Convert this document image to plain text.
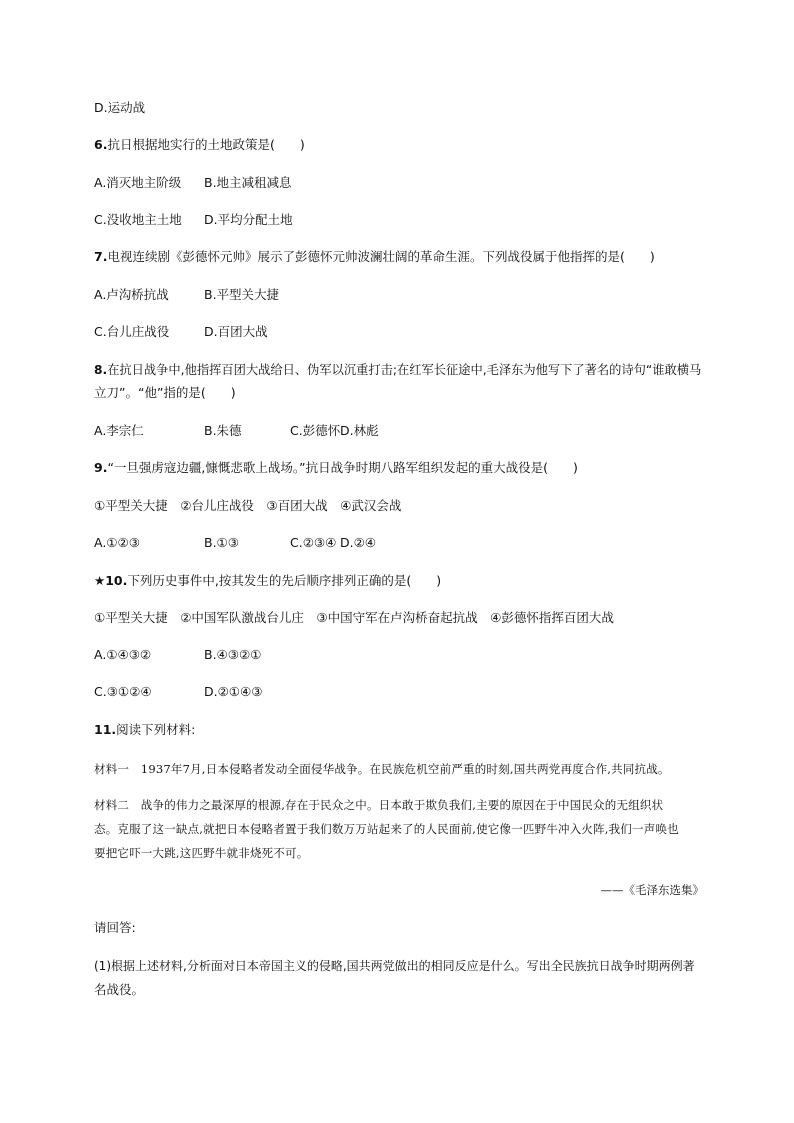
D.运动战
6.抗日根据地实行的土地政策是(　　)
A.消灭地主阶级 B.地主减租减息
C.没收地主土地 D.平均分配土地
7.电视连续剧《彭德怀元帅》展示了彭德怀元帅波澜壮阔的革命生涯。下列战役属于他指挥的是(　　)
A.卢沟桥抗战	B.平型关大捷
C.台儿庄战役	D.百团大战
8.在抗日战争中,他指挥百团大战给日、伪军以沉重打击;在红军长征途中,毛泽东为他写下了著名的诗句“谁敢横马
立刀”。“他”指的是(　　)
A.李宗仁	B.朱德	C.彭德怀D.林彪
9.“一旦强虏寇边疆,慷慨悲歌上战场。”抗日战争时期八路军组织发起的重大战役是(　　)
①平型关大捷　②台儿庄战役　③百团大战　④武汉会战
A.①②③	B.①③	C.②③④ D.②④
★10.下列历史事件中,按其发生的先后顺序排列正确的是(　　)
①平型关大捷　②中国军队激战台儿庄　③中国守军在卢沟桥奋起抗战　④彭德怀指挥百团大战
A.①④③②	B.④③②①
C.③①②④	D.②①④③
11.阅读下列材料:
材料一　1937年7月,日本侵略者发动全面侵华战争。在民族危机空前严重的时刻,国共两党再度合作,共同抗战。
材料二　战争的伟力之最深厚的根源,存在于民众之中。日本敢于欺负我们,主要的原因在于中国民众的无组织状
态。克服了这一缺点,就把日本侵略者置于我们数万万站起来了的人民面前,使它像一匹野牛冲入火阵,我们一声唤也
要把它吓一大跳,这匹野牛就非烧死不可。
——《毛泽东选集》
请回答:
(1)根据上述材料,分析面对日本帝国主义的侵略,国共两党做出的相同反应是什么。写出全民族抗日战争时期两例著
名战役。
